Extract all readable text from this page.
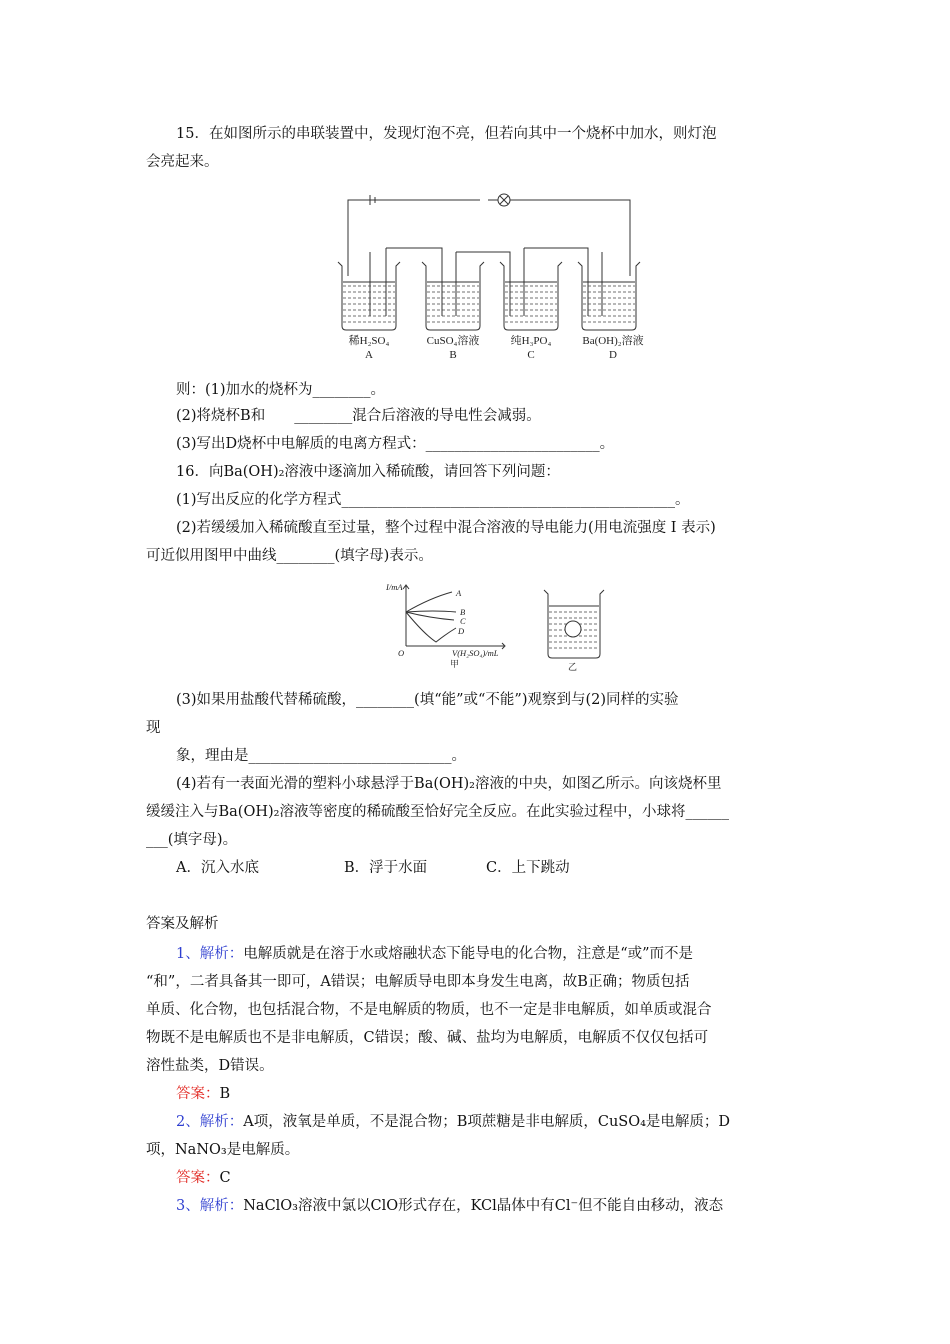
15．在如图所示的串联装置中，发现灯泡不亮，但若向其中一个烧杯中加水，则灯泡
会亮起来。
稀H₂SO₄
A
CuSO₄溶液
B
纯H₃PO₄
C
Ba(OH)₂溶液
D
则：(1)加水的烧杯为________。
(2)将烧杯B和　　________混合后溶液的导电性会减弱。
(3)写出D烧杯中电解质的电离方程式：________________________。
16．向Ba(OH)₂溶液中逐滴加入稀硫酸，请回答下列问题：
(1)写出反应的化学方程式______________________________________________。
(2)若缓缓加入稀硫酸直至过量，整个过程中混合溶液的导电能力(用电流强度 I 表示)
可近似用图甲中曲线________(填字母)表示。
I/mA
A
B
C
D
O	V(H₂SO₄)/mL
甲	乙
(3)如果用盐酸代替稀硫酸，________(填“能”或“不能”)观察到与(2)同样的实验
现
象，理由是____________________________。
(4)若有一表面光滑的塑料小球悬浮于Ba(OH)₂溶液的中央，如图乙所示。向该烧杯里
缓缓注入与Ba(OH)₂溶液等密度的稀硫酸至恰好完全反应。在此实验过程中，小球将______
___(填字母)。
A．沉入水底	B．浮于水面	C．上下跳动
答案及解析
1、解析：电解质就是在溶于水或熔融状态下能导电的化合物，注意是“或”而不是
“和”，二者具备其一即可，A错误；电解质导电即本身发生电离，故B正确；物质包括
单质、化合物，也包括混合物，不是电解质的物质，也不一定是非电解质，如单质或混合
物既不是电解质也不是非电解质，C错误；酸、碱、盐均为电解质，电解质不仅仅包括可
溶性盐类，D错误。
答案：B
2、解析：A项，液氧是单质，不是混合物；B项蔗糖是非电解质，CuSO₄是电解质；D
项，NaNO₃是电解质。
答案：C
3、解析：NaClO₃溶液中氯以ClO形式存在，KCl晶体中有Cl⁻但不能自由移动，液态
